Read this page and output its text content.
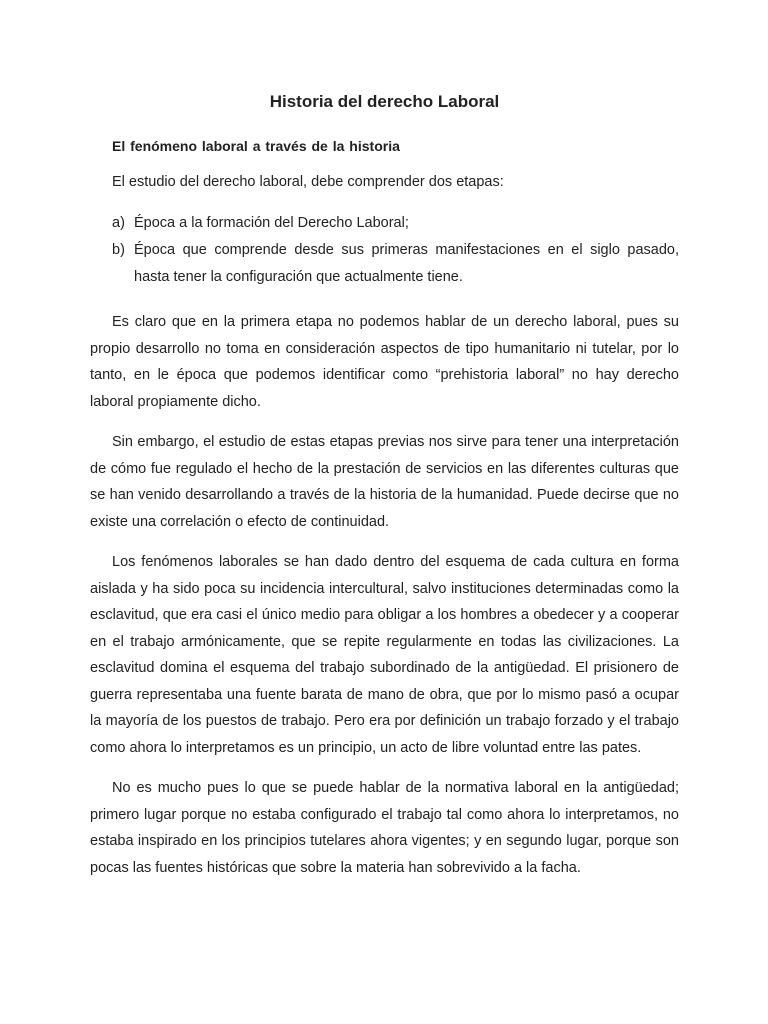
Historia del derecho Laboral
El fenómeno laboral a través de la historia

El estudio del derecho laboral, debe comprender dos etapas:

a) Época a la formación del Derecho Laboral;
b) Época que comprende desde sus primeras manifestaciones en el siglo pasado, hasta tener la configuración que actualmente tiene.

Es claro que en la primera etapa no podemos hablar de un derecho laboral, pues su propio desarrollo no toma en consideración aspectos de tipo humanitario ni tutelar, por lo tanto, en le época que podemos identificar como “prehistoria laboral” no hay derecho laboral propiamente dicho.

Sin embargo, el estudio de estas etapas previas nos sirve para tener una interpretación de cómo fue regulado el hecho de la prestación de servicios en las diferentes culturas que se han venido desarrollando a través de la historia de la humanidad. Puede decirse que no existe una correlación o efecto de continuidad.

Los fenómenos laborales se han dado dentro del esquema de cada cultura en forma aislada y ha sido poca su incidencia intercultural, salvo instituciones determinadas como la esclavitud, que era casi el único medio para obligar a los hombres a obedecer y a cooperar en el trabajo armónicamente, que se repite regularmente en todas las civilizaciones. La esclavitud domina el esquema del trabajo subordinado de la antigüedad. El prisionero de guerra representaba una fuente barata de mano de obra, que por lo mismo pasó a ocupar la mayoría de los puestos de trabajo. Pero era por definición un trabajo forzado y el trabajo como ahora lo interpretamos es un principio, un acto de libre voluntad entre las pates.

No es mucho pues lo que se puede hablar de la normativa laboral en la antigüedad; primero lugar porque no estaba configurado el trabajo tal como ahora lo interpretamos, no estaba inspirado en los principios tutelares ahora vigentes; y en segundo lugar, porque son pocas las fuentes históricas que sobre la materia han sobrevivido a la facha.
